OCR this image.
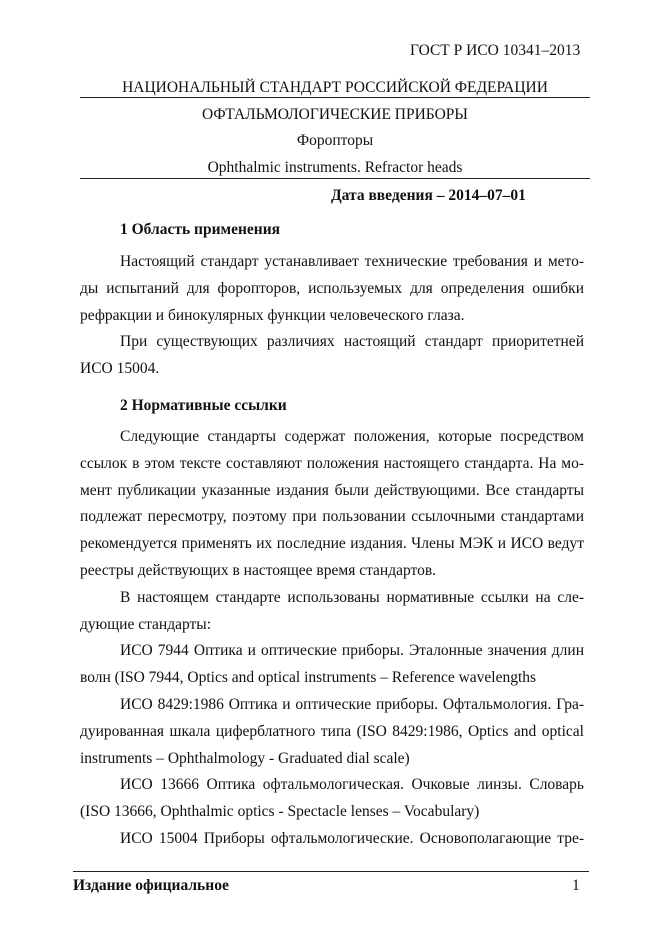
ГОСТ Р ИСО 10341–2013
НАЦИОНАЛЬНЫЙ СТАНДАРТ РОССИЙСКОЙ ФЕДЕРАЦИИ
ОФТАЛЬМОЛОГИЧЕСКИЕ ПРИБОРЫ
Форопторы
Ophthalmic instruments. Refractor heads
Дата введения – 2014–07–01
1 Область применения
Настоящий стандарт устанавливает технические требования и мето-
ды испытаний для форопторов, используемых для определения ошибки
рефракции и бинокулярных функции человеческого глаза.
При существующих различиях настоящий стандарт приоритетней
ИСО 15004.
2 Нормативные ссылки
Следующие стандарты содержат положения, которые посредством
ссылок в этом тексте составляют положения настоящего стандарта. На мо-
мент публикации указанные издания были действующими. Все стандарты
подлежат пересмотру, поэтому при пользовании ссылочными стандартами
рекомендуется применять их последние издания. Члены МЭК и ИСО ведут
реестры действующих в настоящее время стандартов.
В настоящем стандарте использованы нормативные ссылки на сле-
дующие стандарты:
ИСО 7944 Оптика и оптические приборы. Эталонные значения длин
волн (ISO 7944, Optics and optical instruments – Reference wavelengths
ИСО 8429:1986 Оптика и оптические приборы. Офтальмология. Гра-
дуированная шкала циферблатного типа (ISO 8429:1986, Optics and optical
instruments – Ophthalmology - Graduated dial scale)
ИСО 13666 Оптика офтальмологическая. Очковые линзы. Словарь
(ISO 13666, Ophthalmic optics - Spectacle lenses – Vocabulary)
ИСО 15004 Приборы офтальмологические. Основополагающие тре-
Издание официальное	1
